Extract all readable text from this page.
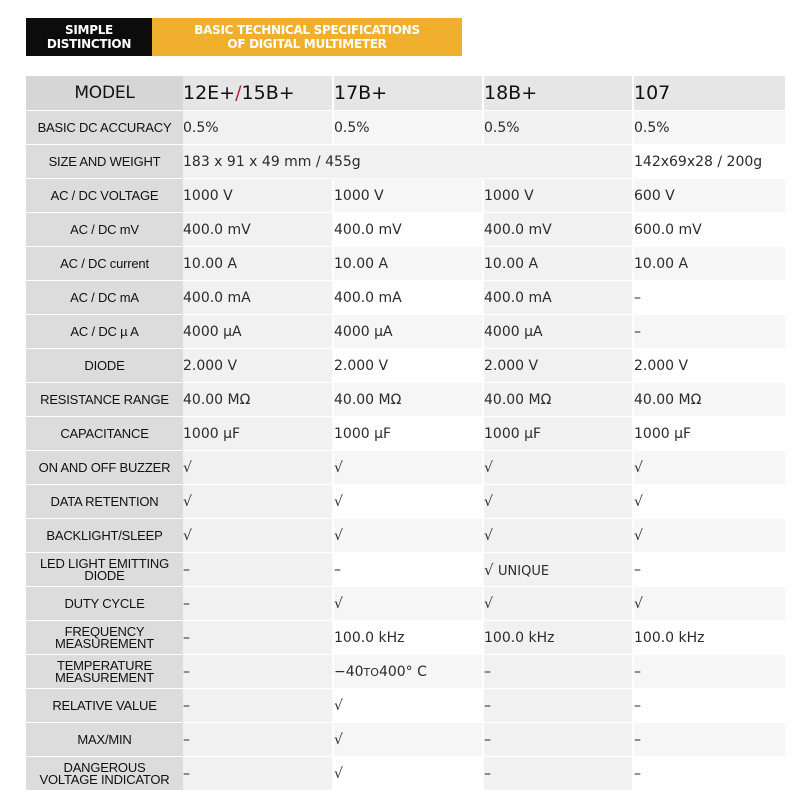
SIMPLE
DISTINCTION
BASIC TECHNICAL SPECIFICATIONS
OF DIGITAL MULTIMETER
MODEL	12E+/15B+	17B+	18B+	107
BASIC DC ACCURACY	0.5%	0.5%	0.5%	0.5%
SIZE AND WEIGHT	183 x 91 x 49 mm / 455g			142x69x28 / 200g
AC / DC VOLTAGE	1000 V	1000 V	1000 V	600 V
AC / DC mV	400.0 mV	400.0 mV	400.0 mV	600.0 mV
AC / DC current	10.00 A	10.00 A	10.00 A	10.00 A
AC / DC mA	400.0 mA	400.0 mA	400.0 mA	–
AC / DC µ A	4000 µA	4000 µA	4000 µA	–
DIODE	2.000 V	2.000 V	2.000 V	2.000 V
RESISTANCE RANGE	40.00 MΩ	40.00 MΩ	40.00 MΩ	40.00 MΩ
CAPACITANCE	1000 µF	1000 µF	1000 µF	1000 µF
ON AND OFF BUZZER	√	√	√	√
DATA RETENTION	√	√	√	√
BACKLIGHT/SLEEP	√	√	√	√
LED LIGHT EMITTING
DIODE	–	–	√ UNIQUE	–
DUTY CYCLE	–	√	√	√
FREQUENCY
MEASUREMENT	–	100.0 kHz	100.0 kHz	100.0 kHz
TEMPERATURE
MEASUREMENT	–	−40TO400° C	–	–
RELATIVE VALUE	–	√	–	–
MAX/MIN	–	√	–	–
DANGEROUS
VOLTAGE INDICATOR	–	√	–	–
